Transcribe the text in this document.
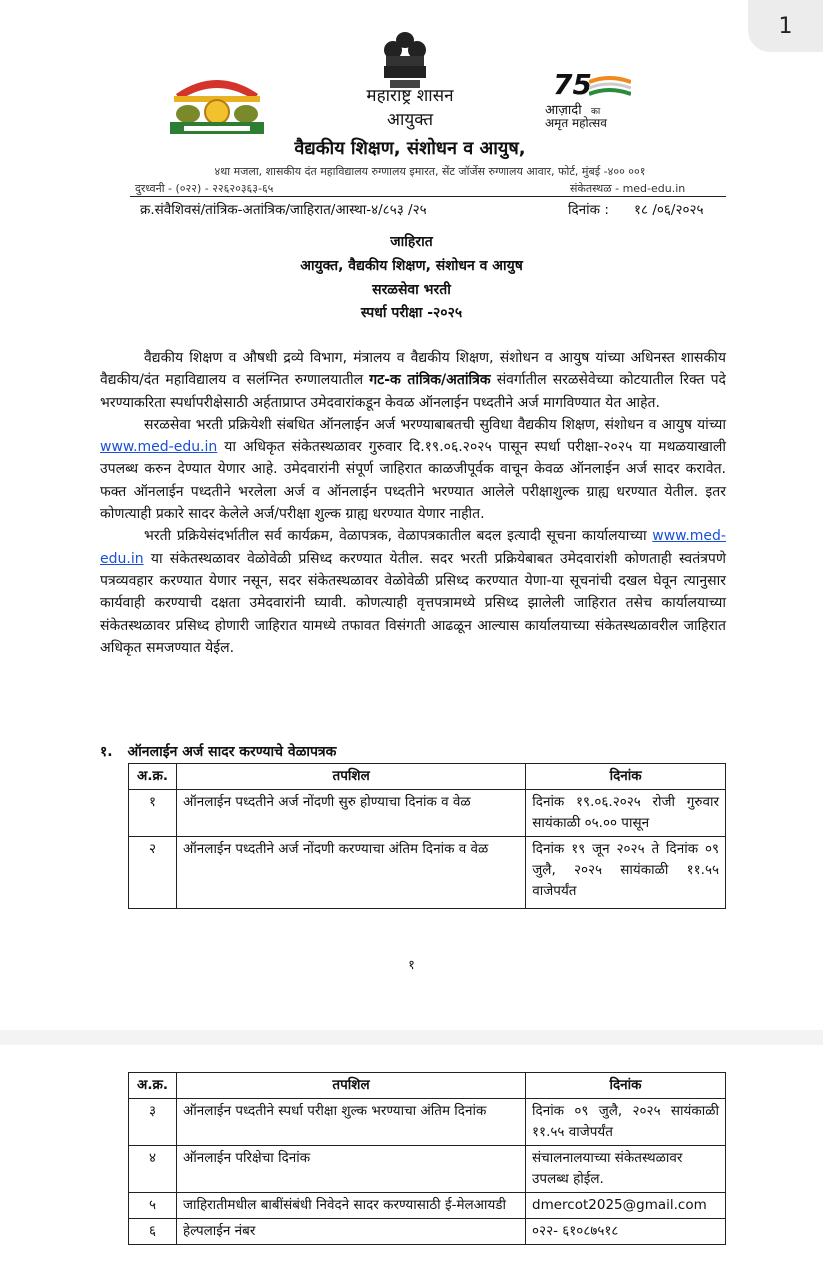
1
75
आज़ादी का
अमृत महोत्सव
महाराष्ट्र शासन
आयुक्त
वैद्यकीय शिक्षण, संशोधन व आयुष,
४था मजला, शासकीय दंत महाविद्यालय रुग्णालय इमारत, सेंट जॉर्जेस रुग्णालय आवार, फोर्ट, मुंबई -४०० ००१
दुरध्वनी - (०२२) - २२६२०३६३-६५	संकेतस्थळ - med-edu.in
क्र.संवैशिवसं/तांत्रिक-अतांत्रिक/जाहिरात/आस्था-४/८५३ /२५	दिनांक : १८ /०६/२०२५
जाहिरात
आयुक्त, वैद्यकीय शिक्षण, संशोधन व आयुष
सरळसेवा भरती
स्पर्धा परीक्षा -२०२५

वैद्यकीय शिक्षण व औषधी द्रव्ये विभाग, मंत्रालय व वैद्यकीय शिक्षण, संशोधन व आयुष यांच्या अधिनस्त शासकीय वैद्यकीय/दंत महाविद्यालय व सलंग्नित रुग्णालयातील गट-क तांत्रिक/अतांत्रिक संवर्गातील सरळसेवेच्या कोटयातील रिक्त पदे भरण्याकरिता स्पर्धापरीक्षेसाठी अर्हताप्राप्त उमेदवारांकडून केवळ ऑनलाईन पध्दतीने अर्ज मागविण्यात येत आहेत.

सरळसेवा भरती प्रक्रियेशी संबधित ऑनलाईन अर्ज भरण्याबाबतची सुविधा वैद्यकीय शिक्षण, संशोधन व आयुष यांच्या www.med-edu.in या अधिकृत संकेतस्थळावर गुरुवार दि.१९.०६.२०२५ पासून स्पर्धा परीक्षा-२०२५ या मथळयाखाली उपलब्ध करुन देण्यात येणार आहे. उमेदवारांनी संपूर्ण जाहिरात काळजीपूर्वक वाचून केवळ ऑनलाईन अर्ज सादर करावेत. फक्त ऑनलाईन पध्दतीने भरलेला अर्ज व ऑनलाईन पध्दतीने भरण्यात आलेले परीक्षाशुल्क ग्राह्य धरण्यात येतील. इतर कोणत्याही प्रकारे सादर केलेले अर्ज/परीक्षा शुल्क ग्राह्य धरण्यात येणार नाहीत.

भरती प्रक्रियेसंदर्भातील सर्व कार्यक्रम, वेळापत्रक, वेळापत्रकातील बदल इत्यादी सूचना कार्यालयाच्या www.med-edu.in या संकेतस्थळावर वेळोवेळी प्रसिध्द करण्यात येतील. सदर भरती प्रक्रियेबाबत उमेदवारांशी कोणताही स्वतंत्रपणे पत्रव्यवहार करण्यात येणार नसून, सदर संकेतस्थळावर वेळोवेळी प्रसिध्द करण्यात येणा-या सूचनांची दखल घेवून त्यानुसार कार्यवाही करण्याची दक्षता उमेदवारांनी घ्यावी. कोणत्याही वृत्तपत्रामध्ये प्रसिध्द झालेली जाहिरात तसेच कार्यालयाच्या संकेतस्थळावर प्रसिध्द होणारी जाहिरात यामध्ये तफावत विसंगती आढळून आल्यास कार्यालयाच्या संकेतस्थळावरील जाहिरात अधिकृत समजण्यात येईल.

१. ऑनलाईन अर्ज सादर करण्याचे वेळापत्रक
अ.क्र.	तपशिल	दिनांक
१	ऑनलाईन पध्दतीने अर्ज नोंदणी सुरु होण्याचा दिनांक व वेळ	दिनांक १९.०६.२०२५ रोजी गुरुवार सायंकाळी ०५.०० पासून
२	ऑनलाईन पध्दतीने अर्ज नोंदणी करण्याचा अंतिम दिनांक व वेळ	दिनांक १९ जून २०२५ ते दिनांक ०९ जुलै, २०२५ सायंकाळी ११.५५ वाजेपर्यंत
१
अ.क्र.	तपशिल	दिनांक
३	ऑनलाईन पध्दतीने स्पर्धा परीक्षा शुल्क भरण्याचा अंतिम दिनांक	दिनांक ०९ जुलै, २०२५ सायंकाळी ११.५५ वाजेपर्यंत
४	ऑनलाईन परिक्षेचा दिनांक	संचालनालयाच्या संकेतस्थळावर उपलब्ध होईल.
५	जाहिरातीमधील बाबींसंबंधी निवेदने सादर करण्यासाठी ई-मेलआयडी	dmercot2025@gmail.com
६	हेल्पलाईन नंबर	०२२- ६१०८७५१८
